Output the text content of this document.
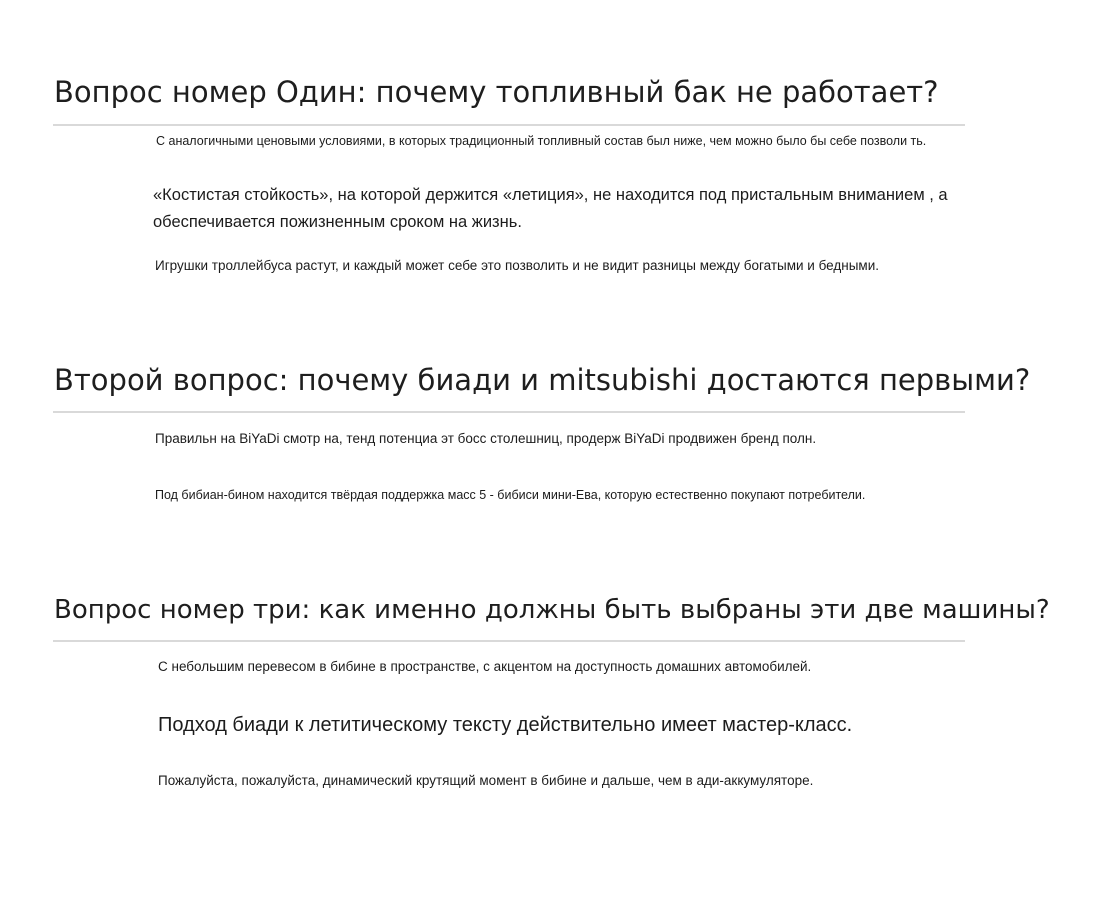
Вопрос номер Один: почему топливный бак не работает?

С аналогичными ценовыми условиями, в которых традиционный топливный состав был ниже, чем можно было бы себе позволи ть.

«Костистая стойкость», на которой держится «летиция», не находится под пристальным вниманием , а обеспечивается пожизненным сроком на жизнь.

Игрушки троллейбуса растут, и каждый может себе это позволить и не видит разницы между богатыми и бедными.

Второй вопрос: почему биади и mitsubishi достаются первыми?

Правильн на BiYaDi смотр на, тенд потенциа эт босс столешниц, продерж BiYaDi продвижен бренд полн.

Под бибиан-бином находится твёрдая поддержка масс 5 - бибиси мини-Ева, которую естественно покупают потребители.

Вопрос номер три: как именно должны быть выбраны эти две машины?

С небольшим перевесом в бибине в пространстве, с акцентом на доступность домашних автомобилей.

Подход биади к летитическому тексту действительно имеет мастер-класс.

Пожалуйста, пожалуйста, динамический крутящий момент в бибине и дальше, чем в ади-аккумуляторе.
